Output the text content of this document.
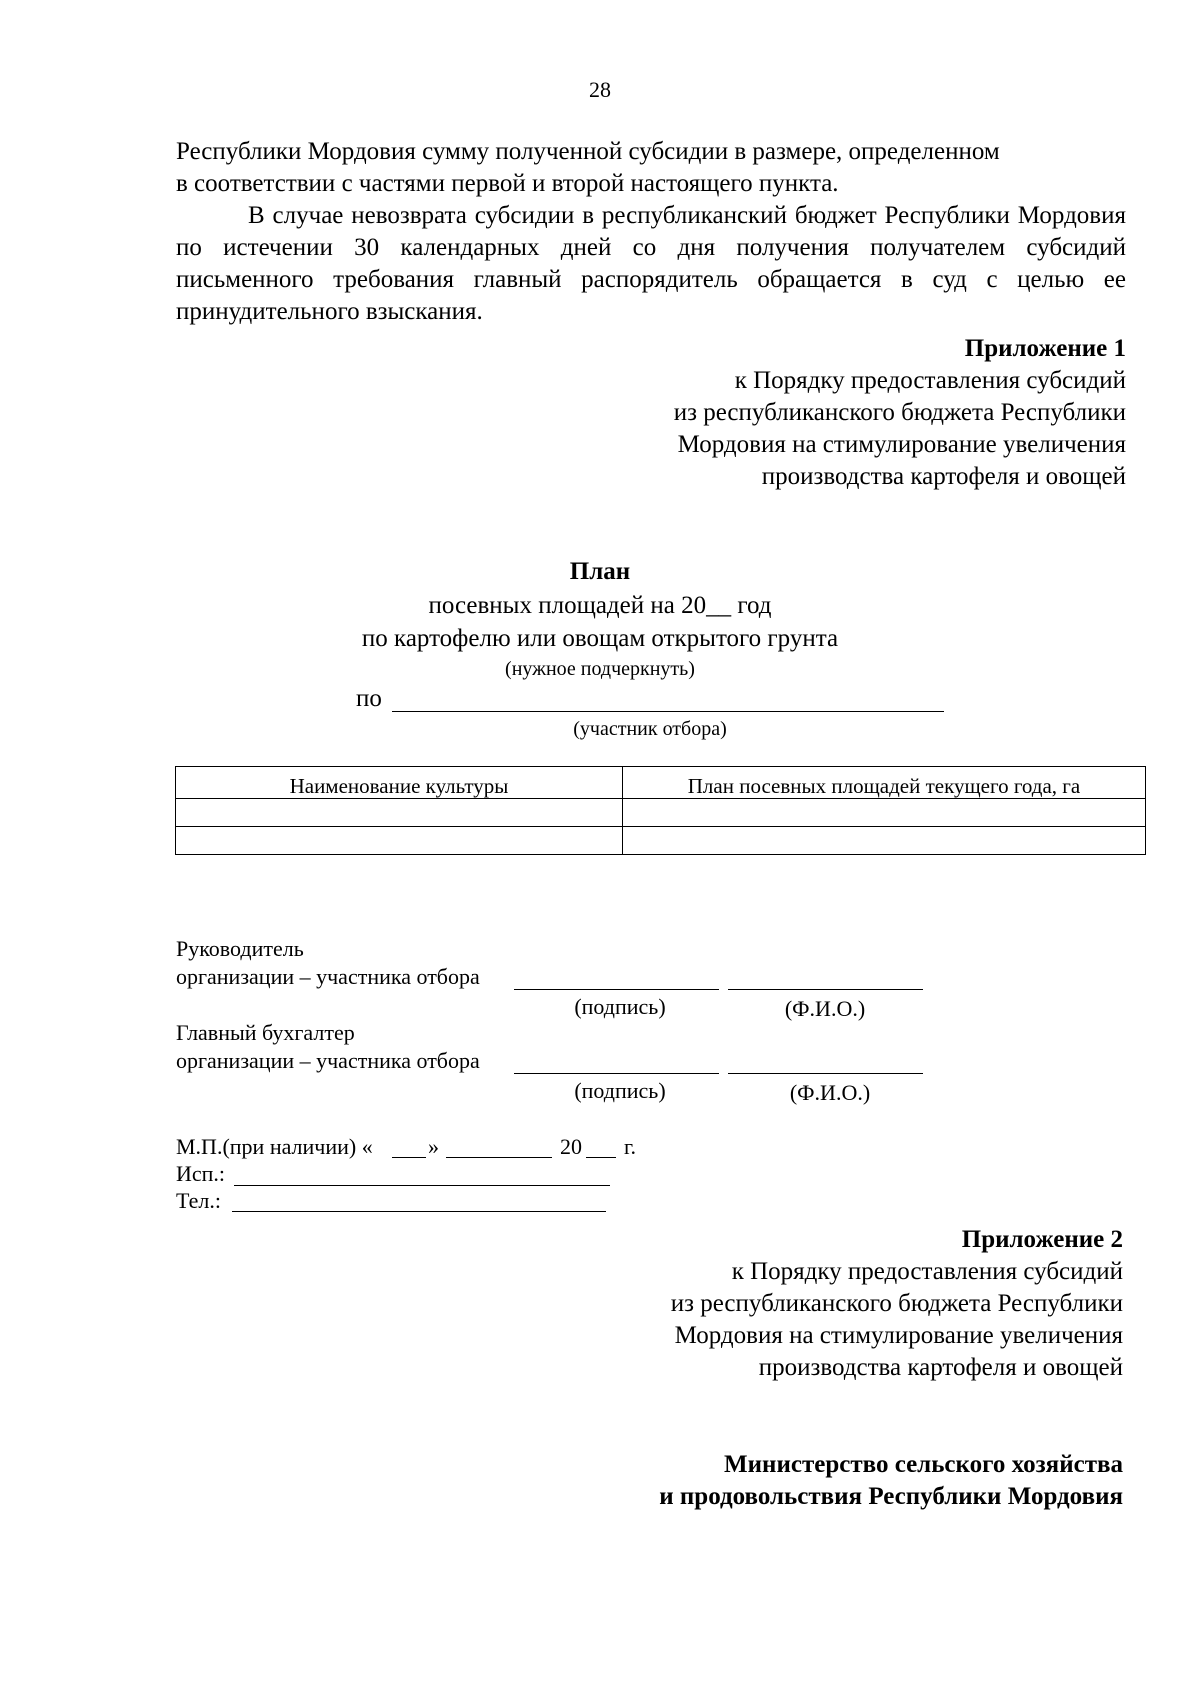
28
Республики Мордовия сумму полученной субсидии в размере, определенном
в соответствии с частями первой и второй настоящего пункта.
В случае невозврата субсидии в республиканский бюджет Республики Мордовия по истечении 30 календарных дней со дня получения получателем субсидий письменного требования главный распорядитель обращается в суд с целью ее принудительного взыскания.
Приложение 1
к Порядку предоставления субсидий
из республиканского бюджета Республики
Мордовия на стимулирование увеличения
производства картофеля и овощей
План
посевных площадей на 20__ год
по картофелю или овощам открытого грунта
(нужное подчеркнуть)
по
(участник отбора)
Наименование культуры	План посевных площадей текущего года, га

Руководитель
организации – участника отбора
(подпись)	(Ф.И.О.)
Главный бухгалтер
организации – участника отбора
(подпись)	(Ф.И.О.)
М.П.(при наличии) «	»	20 г.
Исп.:
Тел.:
Приложение 2
к Порядку предоставления субсидий
из республиканского бюджета Республики
Мордовия на стимулирование увеличения
производства картофеля и овощей
Министерство сельского хозяйства
и продовольствия Республики Мордовия
